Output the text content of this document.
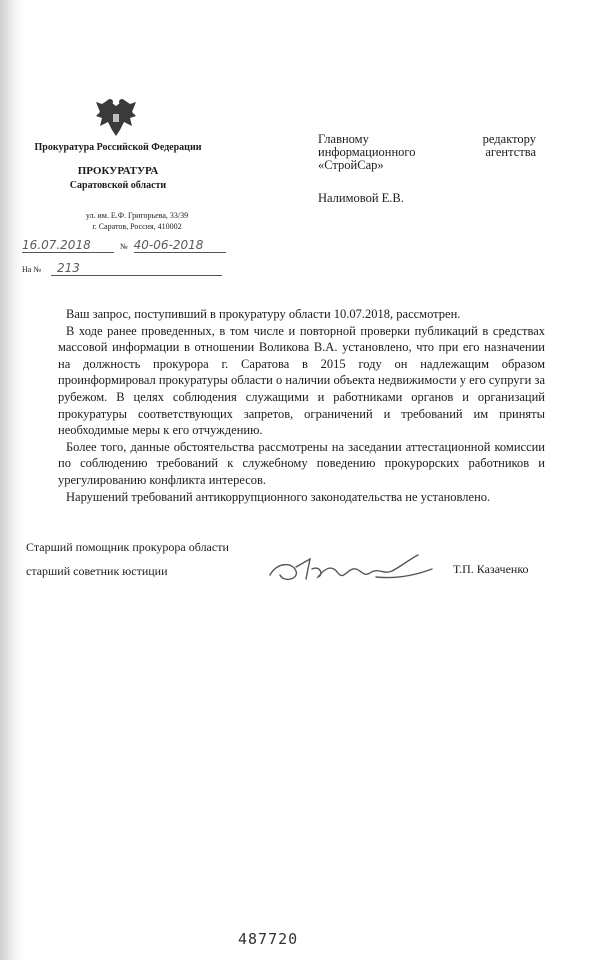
Прокуратура Российской Федерации
ПРОКУРАТУРА
Саратовской области
ул. им. Е.Ф. Григорьева, 33/39
г. Саратов, Россия, 410002
16.07.2018	№ 40-06-2018
На № 213
Главному	редактору
информационного	агентства
«СтройСар»
Налимовой Е.В.

Ваш запрос, поступивший в прокуратуру области 10.07.2018, рассмотрен.

В ходе ранее проведенных, в том числе и повторной проверки публикаций в средствах массовой информации в отношении Воликова В.А. установлено, что при его назначении на должность прокурора г. Саратова в 2015 году он надлежащим образом проинформировал прокуратуры области о наличии объекта недвижимости у его супруги за рубежом. В целях соблюдения служащими и работниками органов и организаций прокуратуры соответствующих запретов, ограничений и требований им приняты необходимые меры к его отчуждению.

Более того, данные обстоятельства рассмотрены на заседании аттестационной комиссии по соблюдению требований к служебному поведению прокурорских работников и урегулированию конфликта интересов.

Нарушений требований антикоррупционного законодательства не установлено.

Старший помощник прокурора области
старший советник юстиции	Т.П. Казаченко
487720
